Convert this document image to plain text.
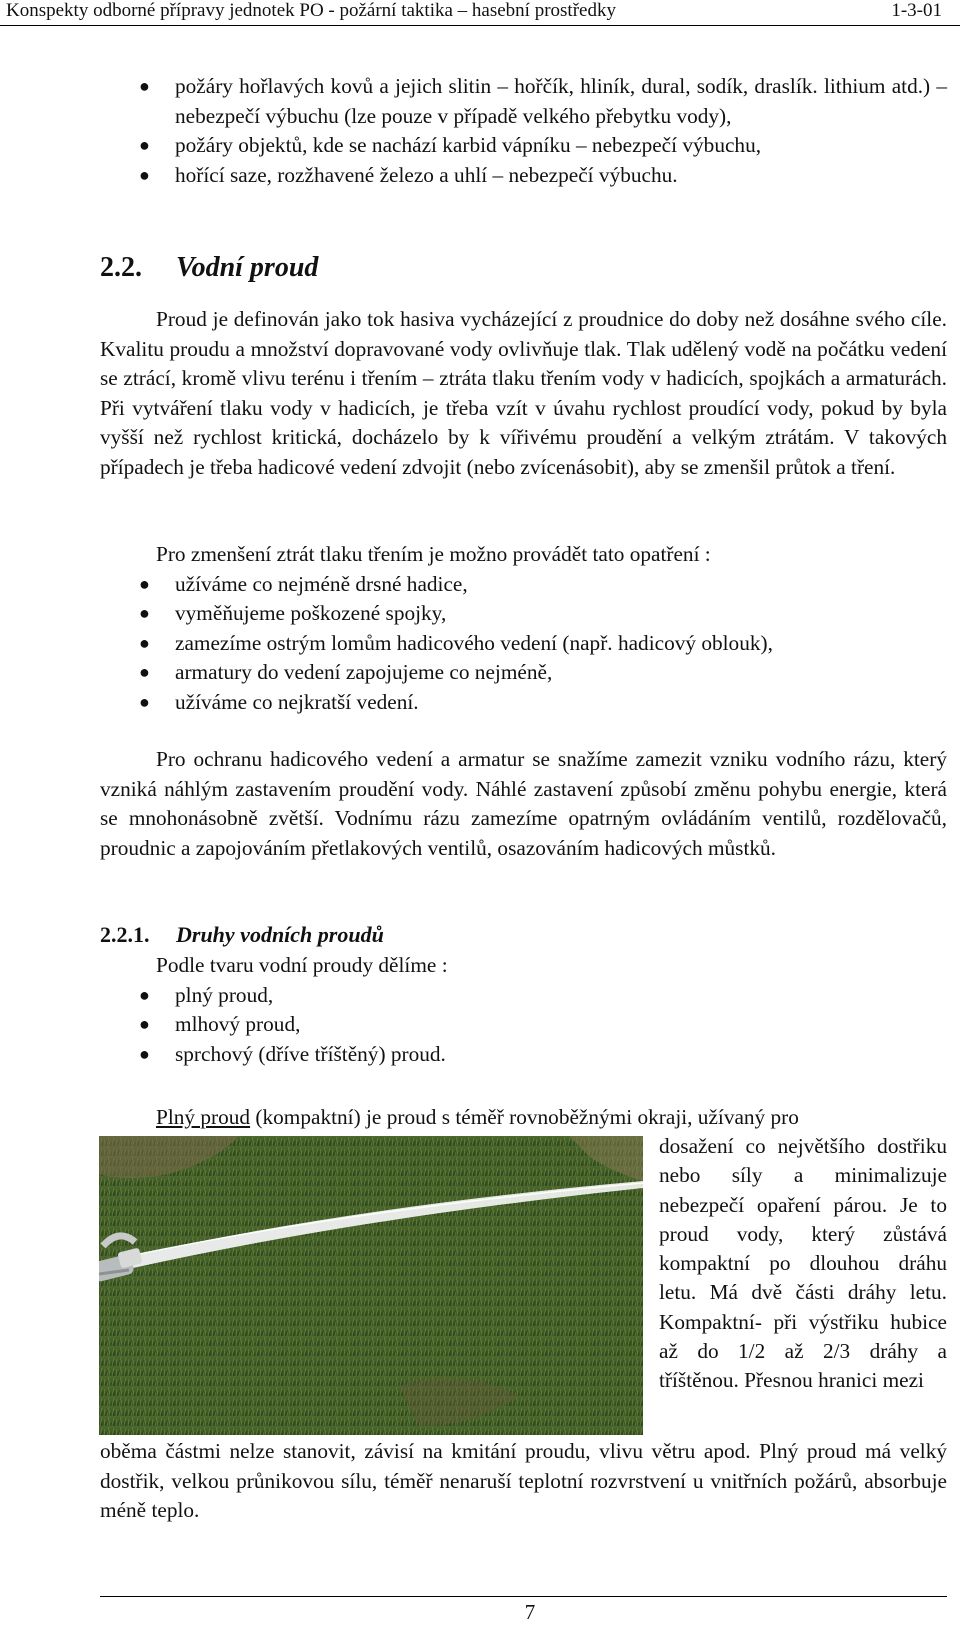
Konspekty odborné přípravy jednotek PO - požární taktika – hasební prostředky	1-3-01
● požáry hořlavých kovů a jejich slitin – hořčík, hliník, dural, sodík, draslík. lithium atd.) – nebezpečí výbuchu (lze pouze v případě velkého přebytku vody),
● požáry objektů, kde se nachází karbid vápníku – nebezpečí výbuchu,
● hořící saze, rozžhavené železo a uhlí – nebezpečí výbuchu.
2.2. Vodní proud
Proud je definován jako tok hasiva vycházející z proudnice do doby než dosáhne svého cíle. Kvalitu proudu a množství dopravované vody ovlivňuje tlak. Tlak udělený vodě na počátku vedení se ztrácí, kromě vlivu terénu i třením – ztráta tlaku třením vody v hadicích, spojkách a armaturách. Při vytváření tlaku vody v hadicích, je třeba vzít v úvahu rychlost proudící vody, pokud by byla vyšší než rychlost kritická, docházelo by k vířivému proudění a velkým ztrátám. V takových případech je třeba hadicové vedení zdvojit (nebo zvícenásobit), aby se zmenšil průtok a tření.
Pro zmenšení ztrát tlaku třením je možno provádět tato opatření :
● užíváme co nejméně drsné hadice,
● vyměňujeme poškozené spojky,
● zamezíme ostrým lomům hadicového vedení (např. hadicový oblouk),
● armatury do vedení zapojujeme co nejméně,
● užíváme co nejkratší vedení.
Pro ochranu hadicového vedení a armatur se snažíme zamezit vzniku vodního rázu, který vzniká náhlým zastavením proudění vody. Náhlé zastavení způsobí změnu pohybu energie, která se mnohonásobně zvětší. Vodnímu rázu zamezíme opatrným ovládáním ventilů, rozdělovačů, proudnic a zapojováním přetlakových ventilů, osazováním hadicových můstků.
2.2.1. Druhy vodních proudů
Podle tvaru vodní proudy dělíme :
● plný proud,
● mlhový proud,
● sprchový (dříve tříštěný) proud.
Plný proud (kompaktní) je proud s téměř rovnoběžnými okraji, užívaný pro
dosažení co největšího dostřiku nebo síly a minimalizuje nebezpečí opaření párou. Je to proud vody, který zůstává kompaktní po dlouhou dráhu letu. Má dvě části dráhy letu. Kompaktní- při výstřiku hubice až do 1/2 až 2/3 dráhy a tříštěnou. Přesnou hranici mezi
oběma částmi nelze stanovit, závisí na kmitání proudu, vlivu větru apod. Plný proud má velký dostřik, velkou průnikovou sílu, téměř nenaruší teplotní rozvrstvení u vnitřních požárů, absorbuje méně teplo.
7
